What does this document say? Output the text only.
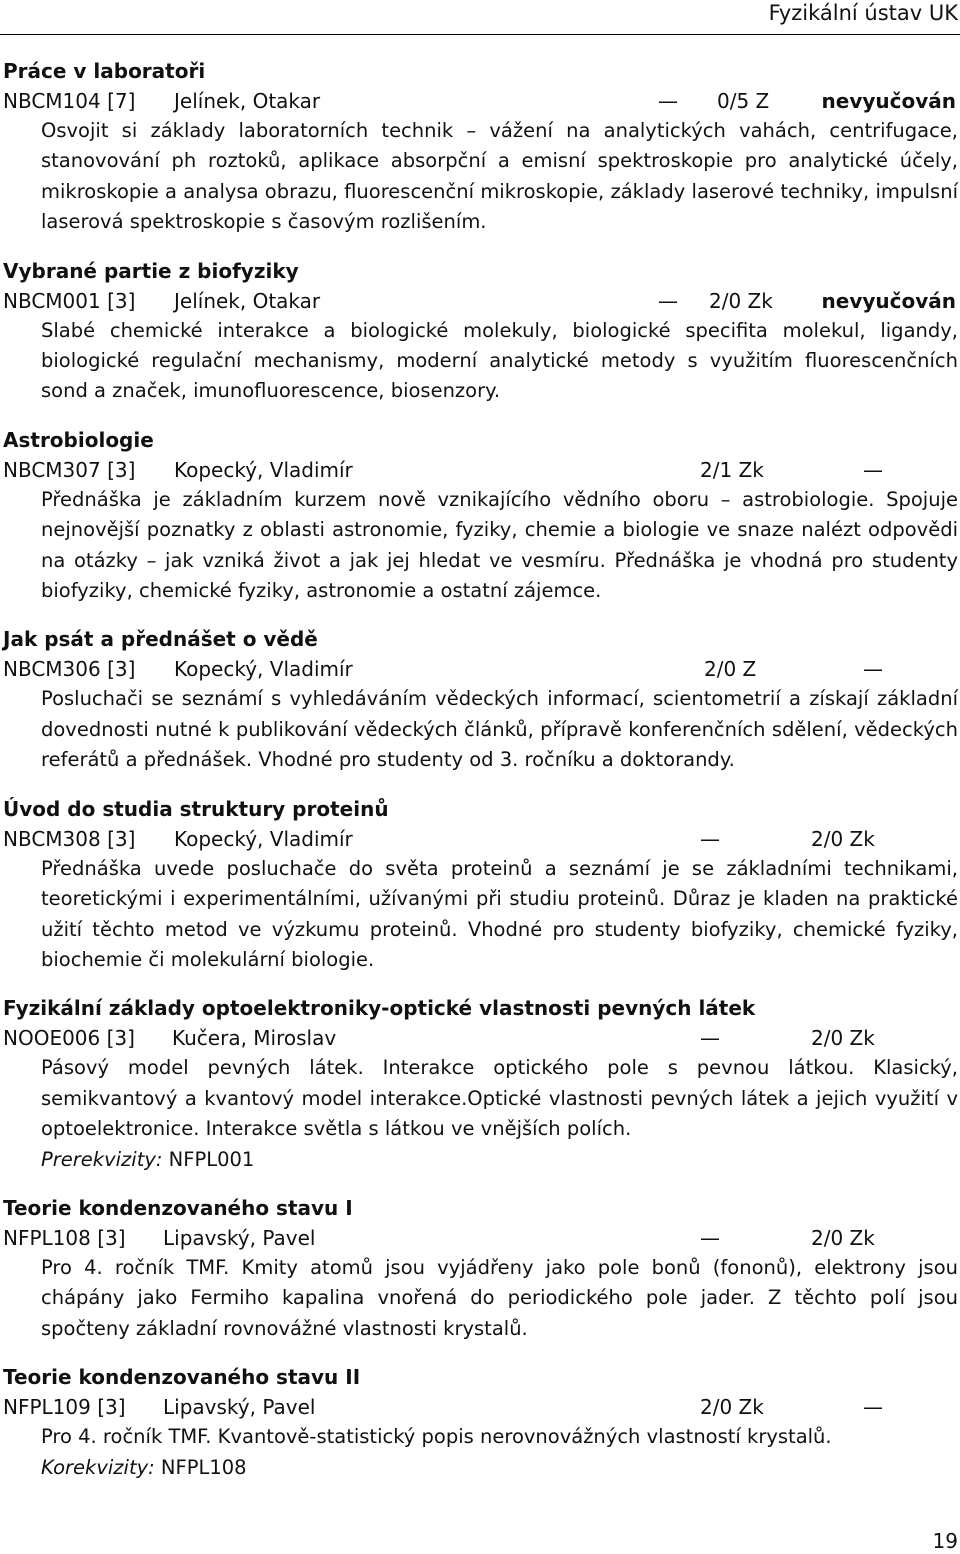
Fyzikální ústav UK
Práce v laboratoři
NBCM104 [7] Jelínek, Otakar	— 0/5 Z	nevyučován
Osvojit si základy laboratorních technik – vážení na analytických vahách, centrifugace, stanovování ph roztoků, aplikace absorpční a emisní spektroskopie pro analytické účely, mikroskopie a analysa obrazu, fluorescenční mikroskopie, základy laserové techniky, impulsní laserová spektroskopie s časovým rozlišením.
Vybrané partie z biofyziky
NBCM001 [3] Jelínek, Otakar	— 2/0 Zk nevyučován
Slabé chemické interakce a biologické molekuly, biologické specifita molekul, ligandy, biologické regulační mechanismy, moderní analytické metody s využitím fluorescenčních sond a značek, imunofluorescence, biosenzory.
Astrobiologie
NBCM307 [3] Kopecký, Vladimír	2/1 Zk	—
Přednáška je základním kurzem nově vznikajícího vědního oboru – astrobiologie. Spojuje nejnovější poznatky z oblasti astronomie, fyziky, chemie a biologie ve snaze nalézt odpovědi na otázky – jak vzniká život a jak jej hledat ve vesmíru. Přednáška je vhodná pro studenty biofyziky, chemické fyziky, astronomie a ostatní zájemce.
Jak psát a přednášet o vědě
NBCM306 [3] Kopecký, Vladimír	2/0 Z	—
Posluchači se seznámí s vyhledáváním vědeckých informací, scientometrií a získají základní dovednosti nutné k publikování vědeckých článků, přípravě konferenčních sdělení, vědeckých referátů a přednášek. Vhodné pro studenty od 3. ročníku a doktorandy.
Úvod do studia struktury proteinů
NBCM308 [3] Kopecký, Vladimír	—	2/0 Zk
Přednáška uvede posluchače do světa proteinů a seznámí je se základními technikami, teoretickými i experimentálními, užívanými při studiu proteinů. Důraz je kladen na praktické užití těchto metod ve výzkumu proteinů. Vhodné pro studenty biofyziky, chemické fyziky, biochemie či molekulární biologie.
Fyzikální základy optoelektroniky-optické vlastnosti pevných látek
NOOE006 [3] Kučera, Miroslav	—	2/0 Zk
Pásový model pevných látek. Interakce optického pole s pevnou látkou. Klasický, semikvantový a kvantový model interakce.Optické vlastnosti pevných látek a jejich využití v optoelektronice. Interakce světla s látkou ve vnějších polích.
Prerekvizity: NFPL001
Teorie kondenzovaného stavu I
NFPL108 [3] Lipavský, Pavel	—	2/0 Zk
Pro 4. ročník TMF. Kmity atomů jsou vyjádřeny jako pole bonů (fononů), elektrony jsou chápány jako Fermiho kapalina vnořená do periodického pole jader. Z těchto polí jsou spočteny základní rovnovážné vlastnosti krystalů.
Teorie kondenzovaného stavu II
NFPL109 [3] Lipavský, Pavel	2/0 Zk	—
Pro 4. ročník TMF. Kvantově-statistický popis nerovnovážných vlastností krystalů.
Korekvizity: NFPL108
19
